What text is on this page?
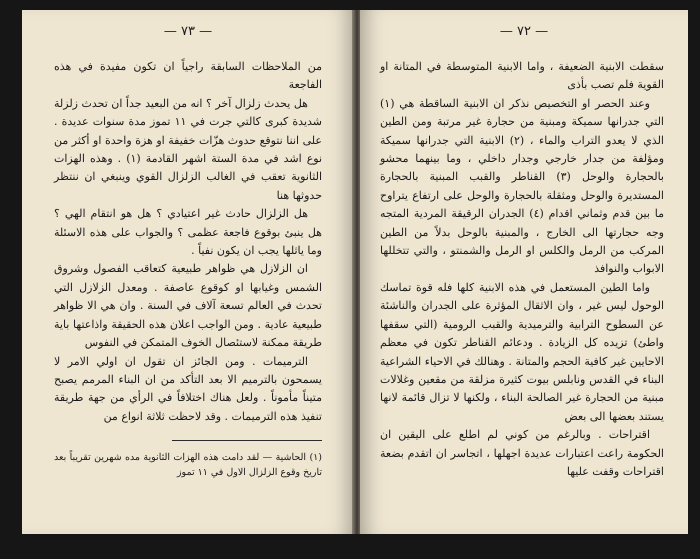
— ٧٣ —

من الملاحظات السابقة راجياً ان تكون مفيدة في هذه الفاجعة

هل يحدث زلزال آخر ؟ انه من البعيد جداً ان تحدث زلزلة شديدة كبرى كالتي جرت في ١١ تموز مدة سنوات عديدة . على اننا نتوقع حدوث هزّات خفيفة او هزة واحدة او أكثر من نوع اشد في مدة الستة اشهر القادمة (١) . وهذه الهزات الثانوية تعقب في الغالب الزلزال القوي وينبغي ان ننتظر حدوثها هنا

هل الزلزال حادث غير اعتيادي ؟ هل هو انتقام الهي ؟ هل ينبئ بوقوع فاجعة عظمى ؟ والجواب على هذه الاسئلة وما ياثلها يجب ان يكون نفياً .

ان الزلازل هي ظواهر طبيعية كتعاقب الفصول وشروق الشمس وغيابها او كوقوع عاصفة . ومعدل الزلازل التي تحدث في العالم تسعة آلاف في السنة . وان هي الا ظواهر طبيعية عادية . ومن الواجب اعلان هذه الحقيقة واذاعتها باية طريقة ممكنة لاستئصال الخوف المتمكن في النفوس

الترميمات . ومن الجائز ان تقول ان اولي الامر لا يسمحون بالترميم الا بعد التأكد من ان البناء المرمم يصبح متيناً مأموناً . ولعل هناك اختلافاً في الرأي من جهة طريقة تنفيذ هذه الترميمات . وقد لاحظت ثلاثة انواع من

(١) الحاشية — لقد دامت هذه الهزات الثانوية مده شهرين تقريباً بعد تاريخ وقوع الزلزال الاول في ١١ تموز
— ٧٢ —

سقطت الابنية الضعيفة ، واما الابنية المتوسطة في المتانة او القوية فلم تصب بأذى

وعند الحصر او التخصيص نذكر ان الابنية الساقطة هي (١) التي جدرانها سميكة ومبنية من حجارة غير مرتبة ومن الطين الذي لا يعدو التراب والماء ، (٢) الابنية التي جدرانها سميكة ومؤلفة من جدار خارجي وجدار داخلي ، وما بينهما محشو بالحجارة والوحل (٣) القناطر والقبب المبنية بالحجارة المستديرة والوحل ومثقلة بالحجارة والوحل على ارتفاع يتراوح ما بين قدم وثماني اقدام (٤) الجدران الرقيقة المردية المتجه وجه حجارتها الى الخارج ، والمبنية بالوحل بدلاً من الطين المركب من الرمل والكلس او الرمل والشمنتو ، والتي تتخللها الابواب والنوافذ

واما الطين المستعمل في هذه الابنية كلها فله قوة تماسك الوحول ليس غير ، وان الاثقال المؤثرة على الجدران والناشئة عن السطوح الترابية والترميدية والقبب الرومية (التي سقفها واطئ) تزيده كل الزيادة . ودعائم القناطر تكون في معظم الاحايين غير كافية الحجم والمتانة . وهنالك في الاحياء الشراعية البناء في القدس ونابلس بيوت كثيرة مزلقة من مقعين وغلالات مبنية من الحجارة غير الصالحة البناء ، ولكنها لا تزال قائمة لانها يستند بعضها الى بعض

اقتراحات . وبالرغم من كوني لم اطلع على اليقين ان الحكومة راعت اعتبارات عديدة اجهلها ، اتجاسر ان اتقدم بضعة اقتراحات وقفت عليها
